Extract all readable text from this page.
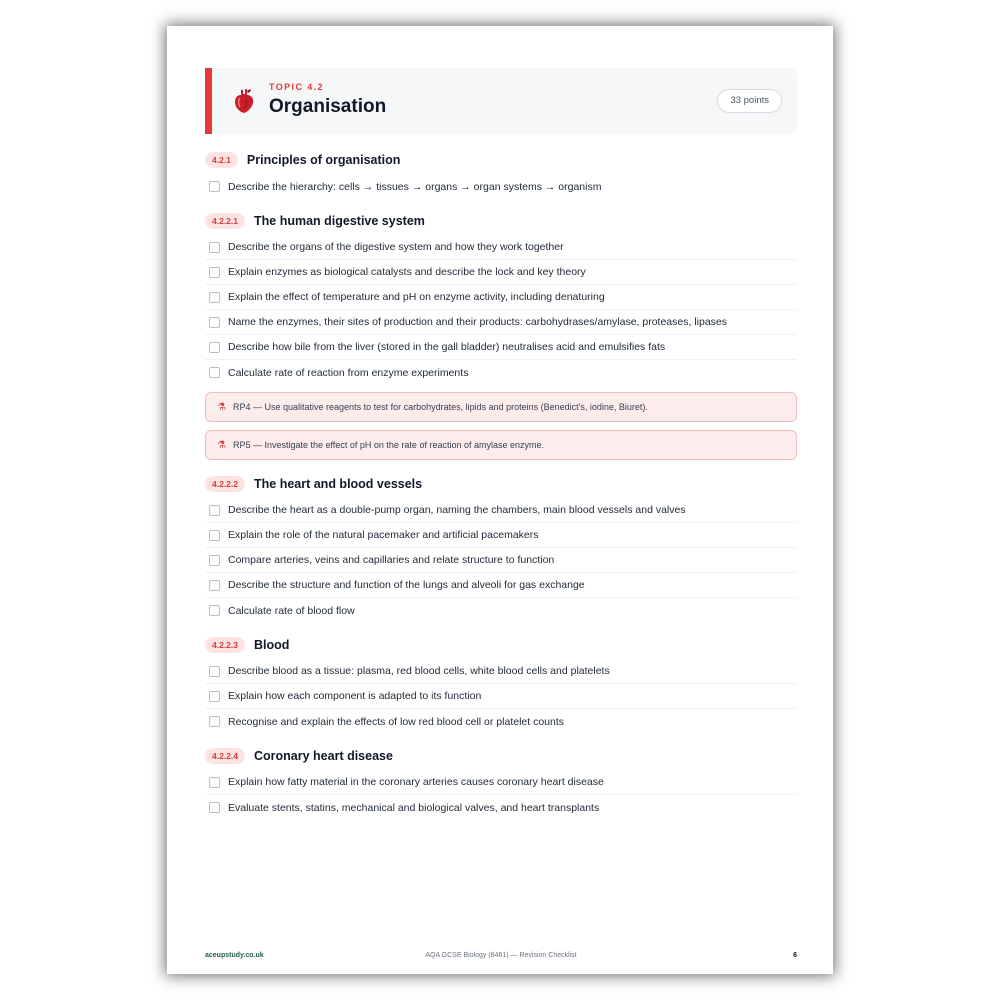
TOPIC 4.2
Organisation	33 points
4.2.1	Principles of organisation
Describe the hierarchy: cells → tissues → organs → organ systems → organism
4.2.2.1	The human digestive system
Describe the organs of the digestive system and how they work together
Explain enzymes as biological catalysts and describe the lock and key theory
Explain the effect of temperature and pH on enzyme activity, including denaturing
Name the enzymes, their sites of production and their products: carbohydrases/amylase, proteases, lipases
Describe how bile from the liver (stored in the gall bladder) neutralises acid and emulsifies fats
Calculate rate of reaction from enzyme experiments
⚗ RP4 — Use qualitative reagents to test for carbohydrates, lipids and proteins (Benedict's, iodine, Biuret).
⚗ RP5 — Investigate the effect of pH on the rate of reaction of amylase enzyme.
4.2.2.2	The heart and blood vessels
Describe the heart as a double-pump organ, naming the chambers, main blood vessels and valves
Explain the role of the natural pacemaker and artificial pacemakers
Compare arteries, veins and capillaries and relate structure to function
Describe the structure and function of the lungs and alveoli for gas exchange
Calculate rate of blood flow
4.2.2.3	Blood
Describe blood as a tissue: plasma, red blood cells, white blood cells and platelets
Explain how each component is adapted to its function
Recognise and explain the effects of low red blood cell or platelet counts
4.2.2.4	Coronary heart disease
Explain how fatty material in the coronary arteries causes coronary heart disease
Evaluate stents, statins, mechanical and biological valves, and heart transplants
aceupstudy.co.uk	AQA GCSE Biology (8461) — Revision Checklist	6
